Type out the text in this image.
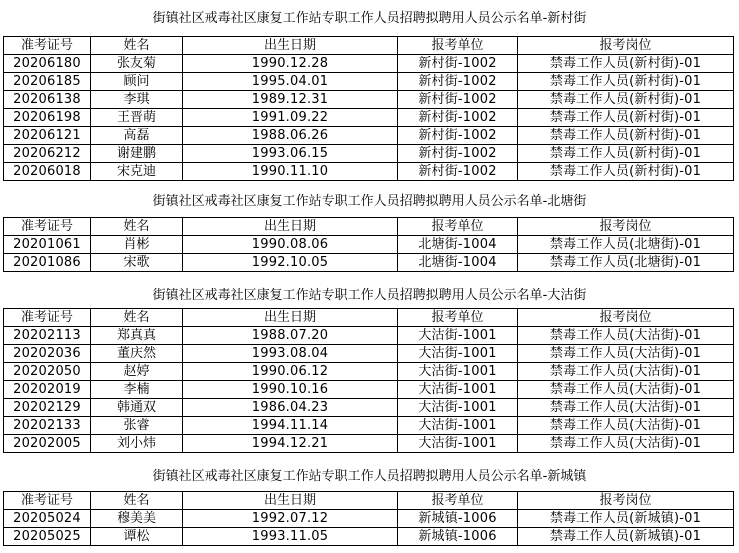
街镇社区戒毒社区康复工作站专职工作人员招聘拟聘用人员公示名单-新村街
准考证号	姓名	出生日期	报考单位	报考岗位
20206180	张友菊	1990.12.28	新村街-1002	禁毒工作人员(新村街)-01
20206185	顾问	1995.04.01	新村街-1002	禁毒工作人员(新村街)-01
20206138	李琪	1989.12.31	新村街-1002	禁毒工作人员(新村街)-01
20206198	王晋萌	1991.09.22	新村街-1002	禁毒工作人员(新村街)-01
20206121	高磊	1988.06.26	新村街-1002	禁毒工作人员(新村街)-01
20206212	谢建鹏	1993.06.15	新村街-1002	禁毒工作人员(新村街)-01
20206018	宋克迪	1990.11.10	新村街-1002	禁毒工作人员(新村街)-01
街镇社区戒毒社区康复工作站专职工作人员招聘拟聘用人员公示名单-北塘街
准考证号	姓名	出生日期	报考单位	报考岗位
20201061	肖彬	1990.08.06	北塘街-1004	禁毒工作人员(北塘街)-01
20201086	宋歌	1992.10.05	北塘街-1004	禁毒工作人员(北塘街)-01
街镇社区戒毒社区康复工作站专职工作人员招聘拟聘用人员公示名单-大沽街
准考证号	姓名	出生日期	报考单位	报考岗位
20202113	郑真真	1988.07.20	大沽街-1001	禁毒工作人员(大沽街)-01
20202036	董庆然	1993.08.04	大沽街-1001	禁毒工作人员(大沽街)-01
20202050	赵婷	1990.06.12	大沽街-1001	禁毒工作人员(大沽街)-01
20202019	李楠	1990.10.16	大沽街-1001	禁毒工作人员(大沽街)-01
20202129	韩通双	1986.04.23	大沽街-1001	禁毒工作人员(大沽街)-01
20202133	张睿	1994.11.14	大沽街-1001	禁毒工作人员(大沽街)-01
20202005	刘小炜	1994.12.21	大沽街-1001	禁毒工作人员(大沽街)-01
街镇社区戒毒社区康复工作站专职工作人员招聘拟聘用人员公示名单-新城镇
准考证号	姓名	出生日期	报考单位	报考岗位
20205024	穆美美	1992.07.12	新城镇-1006	禁毒工作人员(新城镇)-01
20205025	谭松	1993.11.05	新城镇-1006	禁毒工作人员(新城镇)-01
